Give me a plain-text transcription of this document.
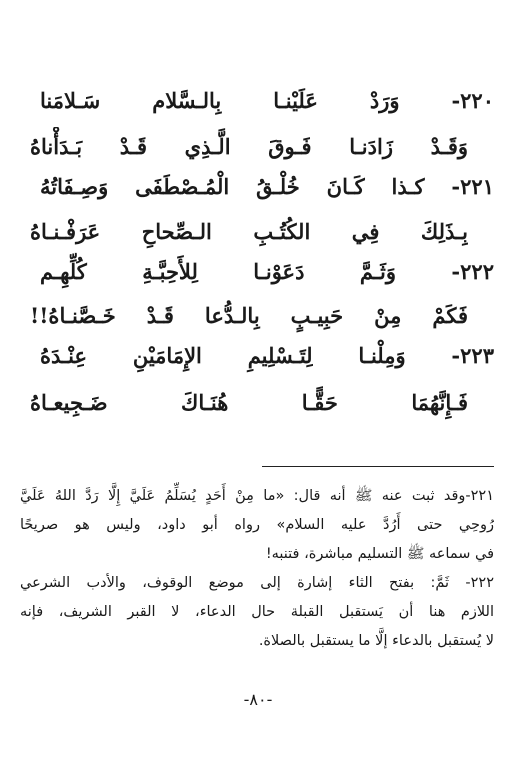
٢٢٠- وَرَدْ عَلَيْنـا بِالـسَّلام سَـلامَنا
وَقَـدْ زَادَنـا فَـوقَ الَّـذِي قَـدْ بَـدَأْناهُ
٢٢١- كـذا كَـانَ خُلْـقُ الْمُـصْطَفَى وَصِـفَاتُهُ
بِـذَلِكَ فِي الكُتُـبِ الـصِّحاحِ عَرَفْـنـاهُ
٢٢٢- وَثَـمَّ دَعَوْنـا لِلأَحِبَّـةِ كُلِّهِـم
فَكَمْ مِنْ حَبِيـبٍ بِالـدُّعا قَـدْ خَـصَّنـاهُ!!
٢٢٣- وَمِلْنـا لِتَـسْلِيمِ الإِمَامَيْنِ عِنْـدَهُ
فَـإِنَّهُمَا حَقًّـا هُنَـاكَ ضَـجِيعـاهُ
٢٢١-وقد ثبت عنه ﷺ أنه قال: «ما مِنْ أَحَدٍ يُسَلِّمُ عَلَيَّ إِلَّا رَدَّ اللهُ عَلَيَّ
رُوحِي حتى أَرُدَّ عليه السلام» رواه أبو داود، وليس هو صريحًا
في سماعه ﷺ التسليم مباشرة، فتنبه!
٢٢٢- ثَمَّ: بفتح الثاء إشارة إلى موضع الوقوف، والأدب الشرعي
اللازم هنا أن يَستقبل القبلة حال الدعاء، لا القبر الشريف، فإنه
لا يُستقبل بالدعاء إلَّا ما يستقبل بالصلاة.
-٨٠-
